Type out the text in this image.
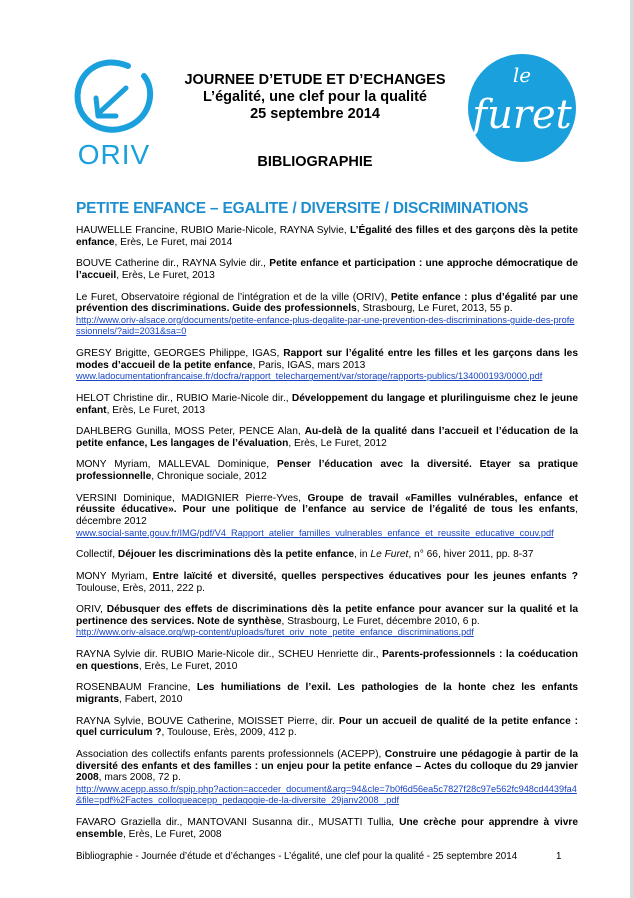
ORIV
le
furet
JOURNEE D’ETUDE ET D’ECHANGES
L’égalité, une clef pour la qualité
25 septembre 2014
BIBLIOGRAPHIE
PETITE ENFANCE – EGALITE / DIVERSITE / DISCRIMINATIONS
HAUWELLE Francine, RUBIO Marie-Nicole, RAYNA Sylvie, L’Égalité des filles et des garçons dès la petite enfance, Erès, Le Furet, mai 2014
BOUVE Catherine dir., RAYNA Sylvie dir., Petite enfance et participation : une approche démocratique de l’accueil, Erès, Le Furet, 2013
Le Furet, Observatoire régional de l’intégration et de la ville (ORIV), Petite enfance : plus d’égalité par une prévention des discriminations. Guide des professionnels, Strasbourg, Le Furet, 2013, 55 p.
http://www.oriv-alsace.org/documents/petite-enfance-plus-degalite-par-une-prevention-des-discriminations-guide-des-professionnels/?aid=2031&sa=0
GRESY Brigitte, GEORGES Philippe, IGAS, Rapport sur l’égalité entre les filles et les garçons dans les modes d’accueil de la petite enfance, Paris, IGAS, mars 2013
www.ladocumentationfrancaise.fr/docfra/rapport_telechargement/var/storage/rapports-publics/134000193/0000.pdf
HELOT Christine dir., RUBIO Marie-Nicole dir., Développement du langage et plurilinguisme chez le jeune enfant, Erès, Le Furet, 2013
DAHLBERG Gunilla, MOSS Peter, PENCE Alan, Au-delà de la qualité dans l’accueil et l’éducation de la petite enfance, Les langages de l’évaluation, Erès, Le Furet, 2012
MONY Myriam, MALLEVAL Dominique, Penser l’éducation avec la diversité. Etayer sa pratique professionnelle, Chronique sociale, 2012
VERSINI Dominique, MADIGNIER Pierre-Yves, Groupe de travail «Familles vulnérables, enfance et réussite éducative». Pour une politique de l’enfance au service de l’égalité de tous les enfants, décembre 2012
www.social-sante.gouv.fr/IMG/pdf/V4_Rapport_atelier_familles_vulnerables_enfance_et_reussite_educative_couv.pdf
Collectif, Déjouer les discriminations dès la petite enfance, in Le Furet, n° 66, hiver 2011, pp. 8-37
MONY Myriam, Entre laïcité et diversité, quelles perspectives éducatives pour les jeunes enfants ? Toulouse, Erès, 2011, 222 p.
ORIV, Débusquer des effets de discriminations dès la petite enfance pour avancer sur la qualité et la pertinence des services. Note de synthèse, Strasbourg, Le Furet, décembre 2010, 6 p.
http://www.oriv-alsace.org/wp-content/uploads/furet_oriv_note_petite_enfance_discriminations.pdf
RAYNA Sylvie dir. RUBIO Marie-Nicole dir., SCHEU Henriette dir., Parents-professionnels : la coéducation en questions, Erès, Le Furet, 2010
ROSENBAUM Francine, Les humiliations de l’exil. Les pathologies de la honte chez les enfants migrants, Fabert, 2010
RAYNA Sylvie, BOUVE Catherine, MOISSET Pierre, dir. Pour un accueil de qualité de la petite enfance : quel curriculum ?, Toulouse, Erès, 2009, 412 p.
Association des collectifs enfants parents professionnels (ACEPP), Construire une pédagogie à partir de la diversité des enfants et des familles : un enjeu pour la petite enfance – Actes du colloque du 29 janvier 2008, mars 2008, 72 p.
http://www.acepp.asso.fr/spip.php?action=acceder_document&arg=94&cle=7b0f6d56ea5c7827f28c97e562fc948cd4439fa4&file=pdf%2Factes_colloqueacepp_pedagogie-de-la-diversite_29janv2008_.pdf
FAVARO Graziella dir., MANTOVANI Susanna dir., MUSATTI Tullia, Une crèche pour apprendre à vivre ensemble, Erès, Le Furet, 2008
Bibliographie - Journée d’étude et d’échanges - L’égalité, une clef pour la qualité - 25 septembre 2014	1
